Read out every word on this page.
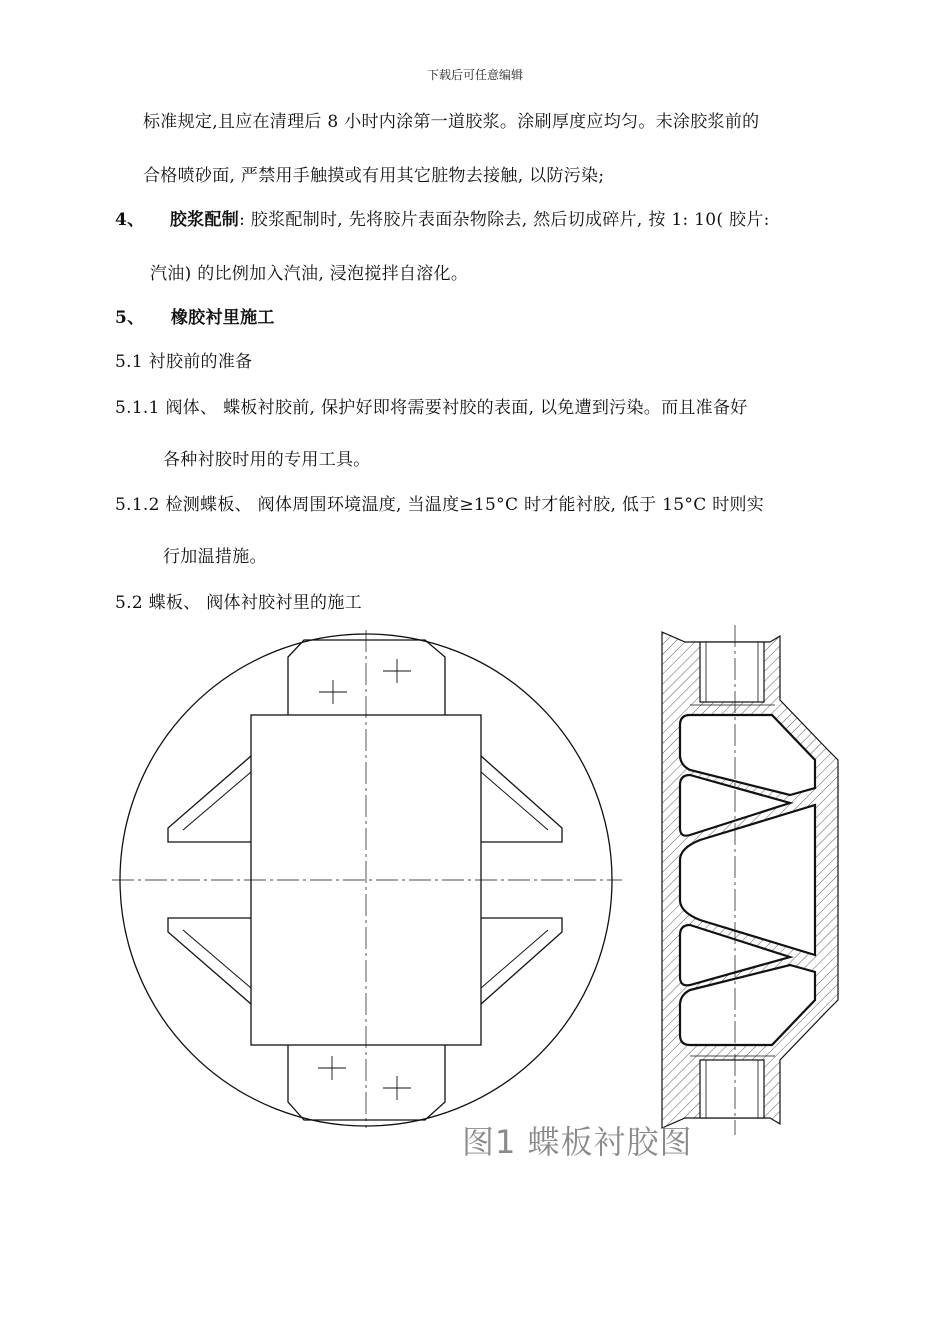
下载后可任意编辑
标准规定,且应在清理后 8 小时内涂第一道胶浆。涂刷厚度应均匀。未涂胶浆前的
合格喷砂面, 严禁用手触摸或有用其它脏物去接触, 以防污染;
4、 胶浆配制: 胶浆配制时, 先将胶片表面杂物除去, 然后切成碎片, 按 1: 10( 胶片:
汽油) 的比例加入汽油, 浸泡搅拌自溶化。
5、 橡胶衬里施工
5.1 衬胶前的准备
5.1.1 阀体、 蝶板衬胶前, 保护好即将需要衬胶的表面, 以免遭到污染。而且准备好
各种衬胶时用的专用工具。
5.1.2 检测蝶板、 阀体周围环境温度, 当温度≥15°C 时才能衬胶, 低于 15°C 时则实
行加温措施。
5.2 蝶板、 阀体衬胶衬里的施工
图1 蝶板衬胶图
